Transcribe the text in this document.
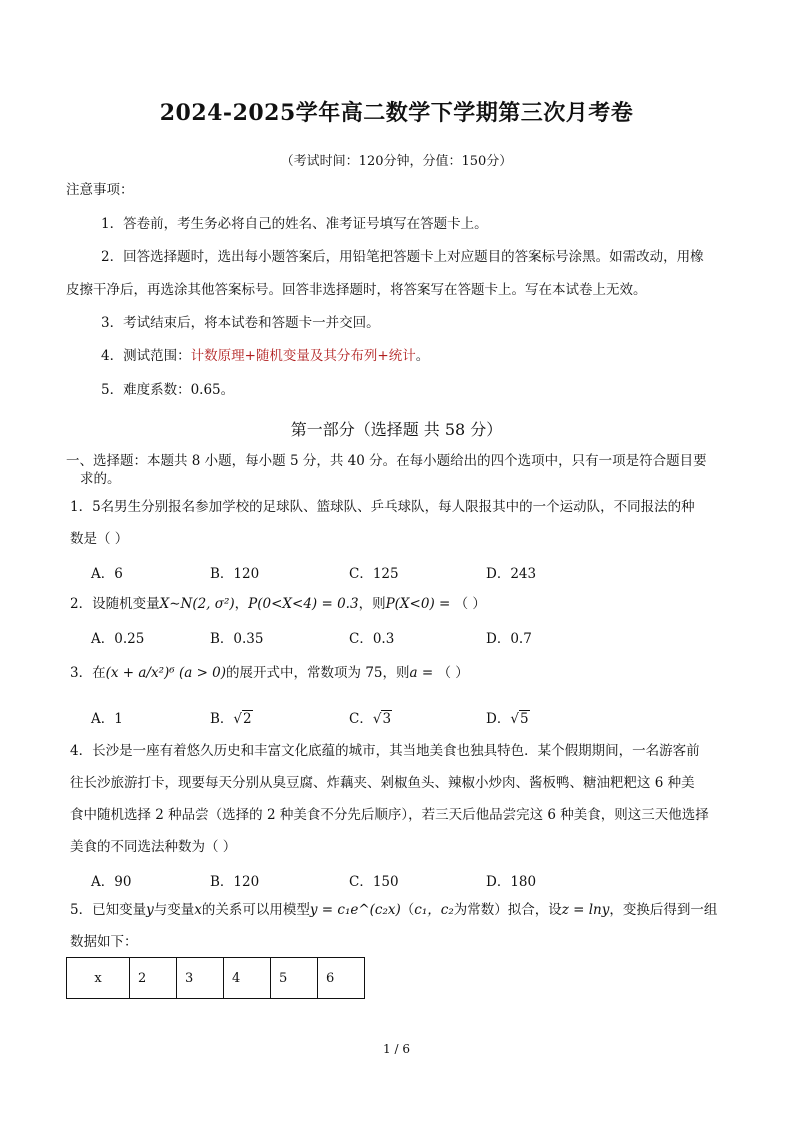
2024-2025学年高二数学下学期第三次月考卷
（考试时间：120分钟，分值：150分）
注意事项：
1．答卷前，考生务必将自己的姓名、准考证号填写在答题卡上。
2．回答选择题时，选出每小题答案后，用铅笔把答题卡上对应题目的答案标号涂黑。如需改动，用橡
皮擦干净后，再选涂其他答案标号。回答非选择题时，将答案写在答题卡上。写在本试卷上无效。
3．考试结束后，将本试卷和答题卡一并交回。
4．测试范围：计数原理+随机变量及其分布列+统计。
5．难度系数：0.65。
第一部分（选择题 共 58 分）
一、选择题：本题共 8 小题，每小题 5 分，共 40 分。在每小题给出的四个选项中，只有一项是符合题目要
求的。
1．5名男生分别报名参加学校的足球队、篮球队、乒乓球队，每人限报其中的一个运动队，不同报法的种
数是（ ）
A．6	B．120	C．125	D．243
2．设随机变量X∼N(2, σ²)，P(0<X<4) = 0.3，则P(X<0) = （ ）
A．0.25	B．0.35	C．0.3	D．0.7
3．在(x + a/x²)⁶ (a > 0)的展开式中，常数项为 75，则a = （ ）
A．1	B．√2	C．√3	D．√5
4．长沙是一座有着悠久历史和丰富文化底蕴的城市，其当地美食也独具特色．某个假期期间，一名游客前
往长沙旅游打卡，现要每天分别从臭豆腐、炸藕夹、剁椒鱼头、辣椒小炒肉、酱板鸭、糖油粑粑这 6 种美
食中随机选择 2 种品尝（选择的 2 种美食不分先后顺序），若三天后他品尝完这 6 种美食，则这三天他选择
美食的不同选法种数为（ ）
A．90	B．120	C．150	D．180
5．已知变量y与变量x的关系可以用模型y = c₁e^(c₂x)（c₁，c₂为常数）拟合，设z = lny，变换后得到一组
数据如下：
x	2	3	4	5	6
1 / 6
